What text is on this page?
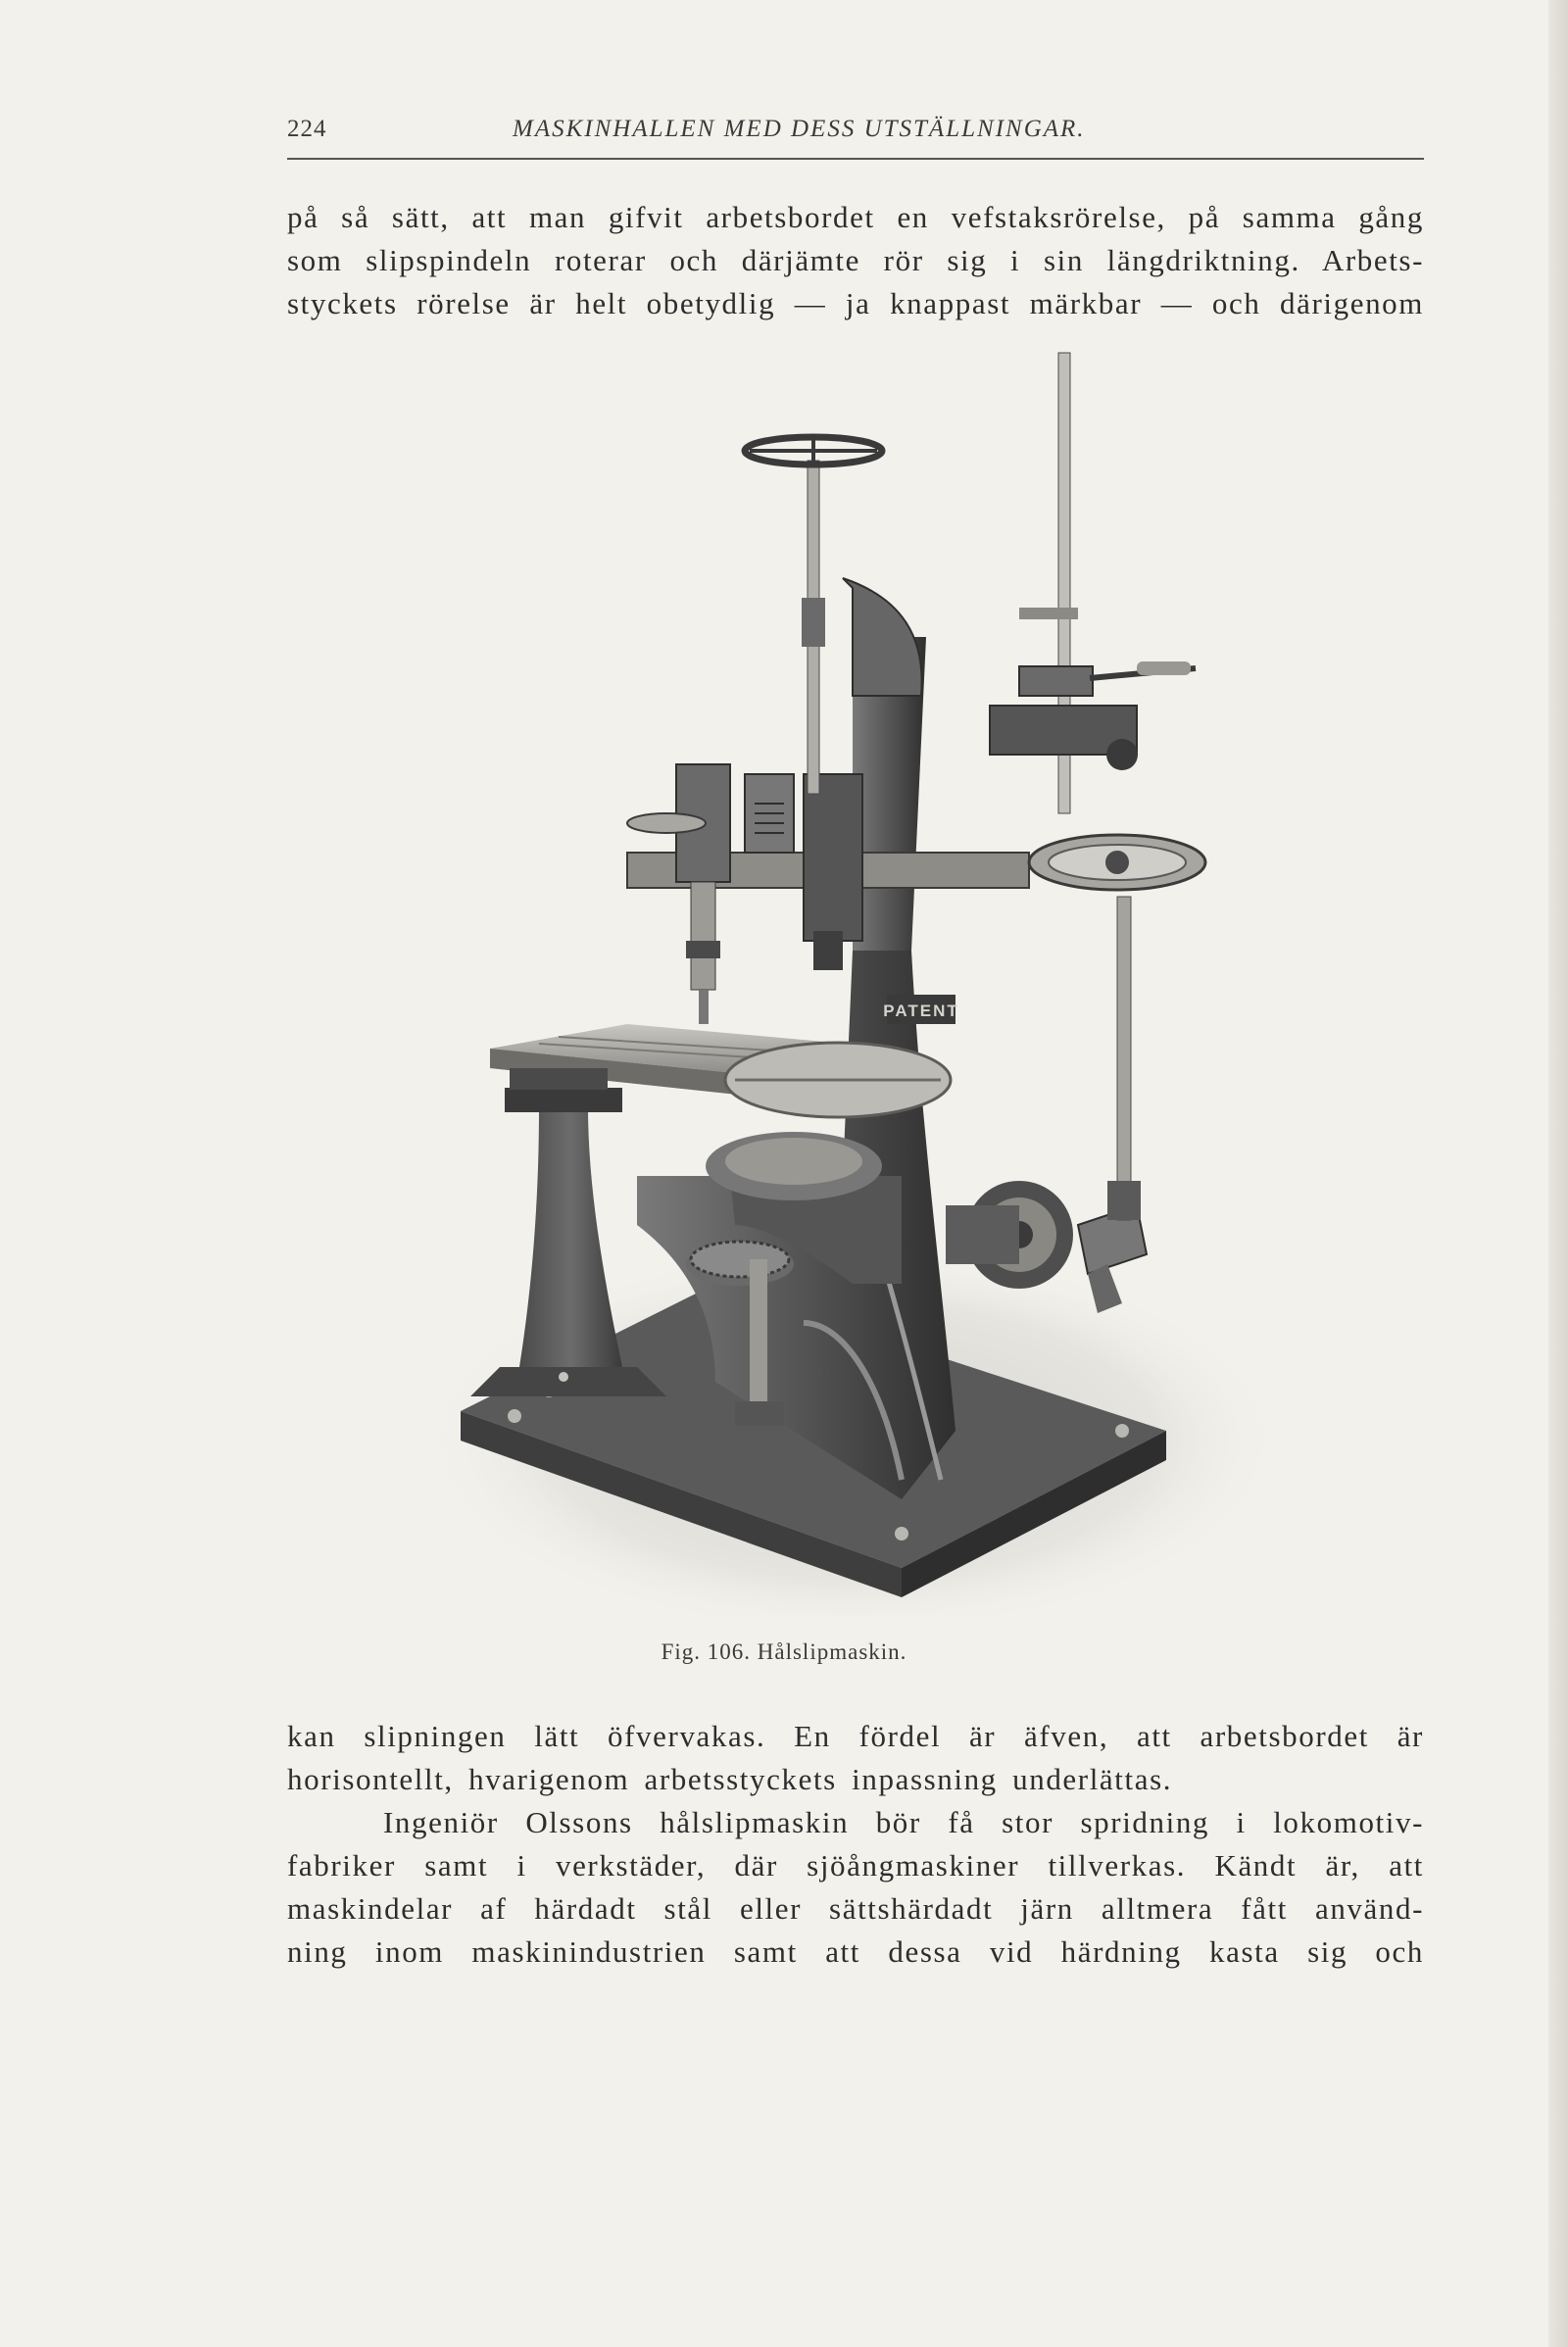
224	MASKINHALLEN MED DESS UTSTÄLLNINGAR.
på så sätt, att man gifvit arbetsbordet en vefstaksrörelse, på samma gång
som slipspindeln roterar och därjämte rör sig i sin längdriktning. Arbets-
styckets rörelse är helt obetydlig — ja knappast märkbar — och därigenom
PATENT
Fig. 106. Hålslipmaskin.
kan slipningen lätt öfvervakas. En fördel är äfven, att arbetsbordet är
horisontellt, hvarigenom arbetsstyckets inpassning underlättas.
Ingeniör Olssons hålslipmaskin bör få stor spridning i lokomotiv-
fabriker samt i verkstäder, där sjöångmaskiner tillverkas. Kändt är, att
maskindelar af härdadt stål eller sättshärdadt järn alltmera fått använd-
ning inom maskinindustrien samt att dessa vid härdning kasta sig och
